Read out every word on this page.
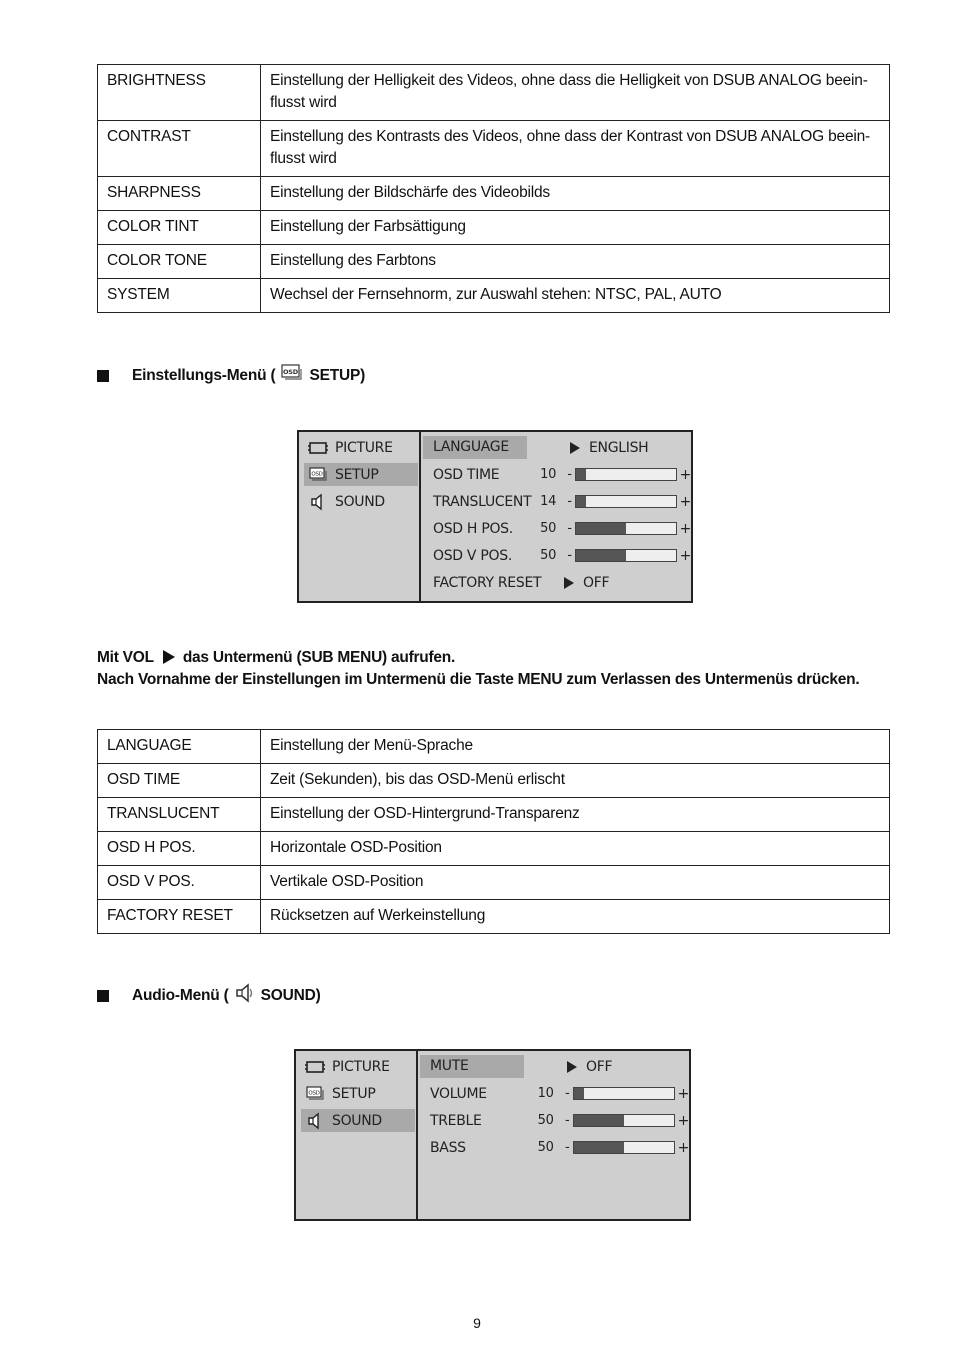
BRIGHTNESS	Einstellung der Helligkeit des Videos, ohne dass die Helligkeit von DSUB ANALOG beein-flusst wird
CONTRAST	Einstellung des Kontrasts des Videos, ohne dass der Kontrast von DSUB ANALOG beein-flusst wird
SHARPNESS	Einstellung der Bildschärfe des Videobilds
COLOR TINT	Einstellung der Farbsättigung
COLOR TONE	Einstellung des Farbtons
SYSTEM	Wechsel der Fernsehnorm, zur Auswahl stehen: NTSC, PAL, AUTO
Einstellungs-Menü ( OSD SETUP)
PICTURE
OSD SETUP
SOUND
LANGUAGE	ENGLISH
OSD TIME	10 -	+
TRANSLUCENT 14 -	+
OSD H POS.	50 -	+
OSD V POS.	50 -	+
FACTORY RESET	OFF
Mit VOL das Untermenü (SUB MENU) aufrufen.
Nach Vornahme der Einstellungen im Untermenü die Taste MENU zum Verlassen des Untermenüs drücken.
LANGUAGE	Einstellung der Menü-Sprache
OSD TIME	Zeit (Sekunden), bis das OSD-Menü erlischt
TRANSLUCENT	Einstellung der OSD-Hintergrund-Transparenz
OSD H POS.	Horizontale OSD-Position
OSD V POS.	Vertikale OSD-Position
FACTORY RESET	Rücksetzen auf Werkeinstellung
Audio-Menü ( SOUND)
PICTURE
OSD SETUP
SOUND
MUTE	OFF
VOLUME	10 -	+
TREBLE	50 -	+
BASS	50 -	+
9
